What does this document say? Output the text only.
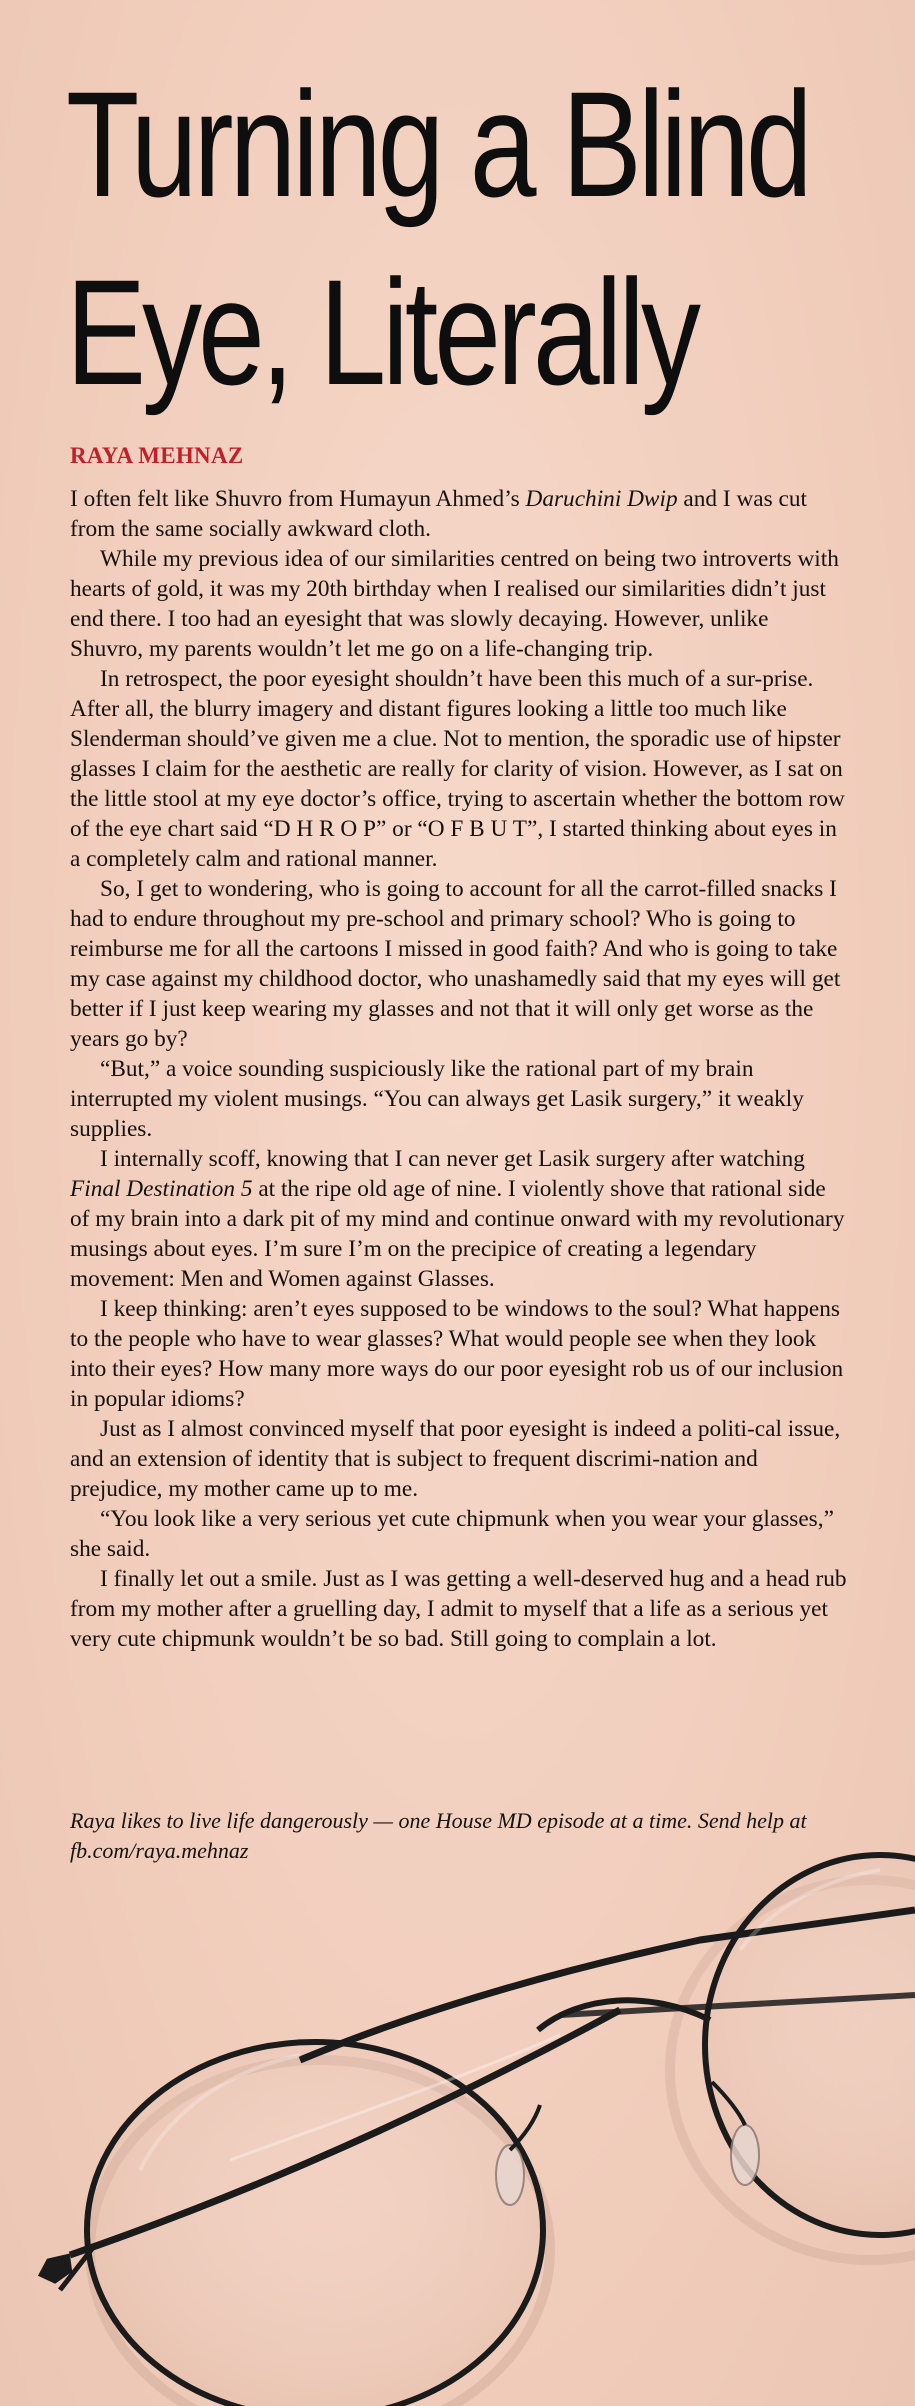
Turning a Blind
Eye, Literally
RAYA MEHNAZ

I often felt like Shuvro from Humayun Ahmed’s Daruchini Dwip and I was cut from the same socially awkward cloth.

While my previous idea of our similarities centred on being two introverts with hearts of gold, it was my 20th birthday when I realised our similarities didn’t just end there. I too had an eyesight that was slowly decaying. However, unlike Shuvro, my parents wouldn’t let me go on a life-changing trip.

In retrospect, the poor eyesight shouldn’t have been this much of a sur-prise. After all, the blurry imagery and distant figures looking a little too much like Slenderman should’ve given me a clue. Not to mention, the sporadic use of hipster glasses I claim for the aesthetic are really for clarity of vision. However, as I sat on the little stool at my eye doctor’s office, trying to ascertain whether the bottom row of the eye chart said “D H R O P” or “O F B U T”, I started thinking about eyes in a completely calm and rational manner.

So, I get to wondering, who is going to account for all the carrot-filled snacks I had to endure throughout my pre-school and primary school? Who is going to reimburse me for all the cartoons I missed in good faith? And who is going to take my case against my childhood doctor, who unashamedly said that my eyes will get better if I just keep wearing my glasses and not that it will only get worse as the years go by?

“But,” a voice sounding suspiciously like the rational part of my brain interrupted my violent musings. “You can always get Lasik surgery,” it weakly supplies.

I internally scoff, knowing that I can never get Lasik surgery after watching Final Destination 5 at the ripe old age of nine. I violently shove that rational side of my brain into a dark pit of my mind and continue onward with my revolutionary musings about eyes. I’m sure I’m on the precipice of creating a legendary movement: Men and Women against Glasses.

I keep thinking: aren’t eyes supposed to be windows to the soul? What happens to the people who have to wear glasses? What would people see when they look into their eyes? How many more ways do our poor eyesight rob us of our inclusion in popular idioms?

Just as I almost convinced myself that poor eyesight is indeed a politi-cal issue, and an extension of identity that is subject to frequent discrimi-nation and prejudice, my mother came up to me.

“You look like a very serious yet cute chipmunk when you wear your glasses,” she said.

I finally let out a smile. Just as I was getting a well-deserved hug and a head rub from my mother after a gruelling day, I admit to myself that a life as a serious yet very cute chipmunk wouldn’t be so bad. Still going to complain a lot.

Raya likes to live life dangerously — one House MD episode at a time. Send help at fb.com/raya.mehnaz
